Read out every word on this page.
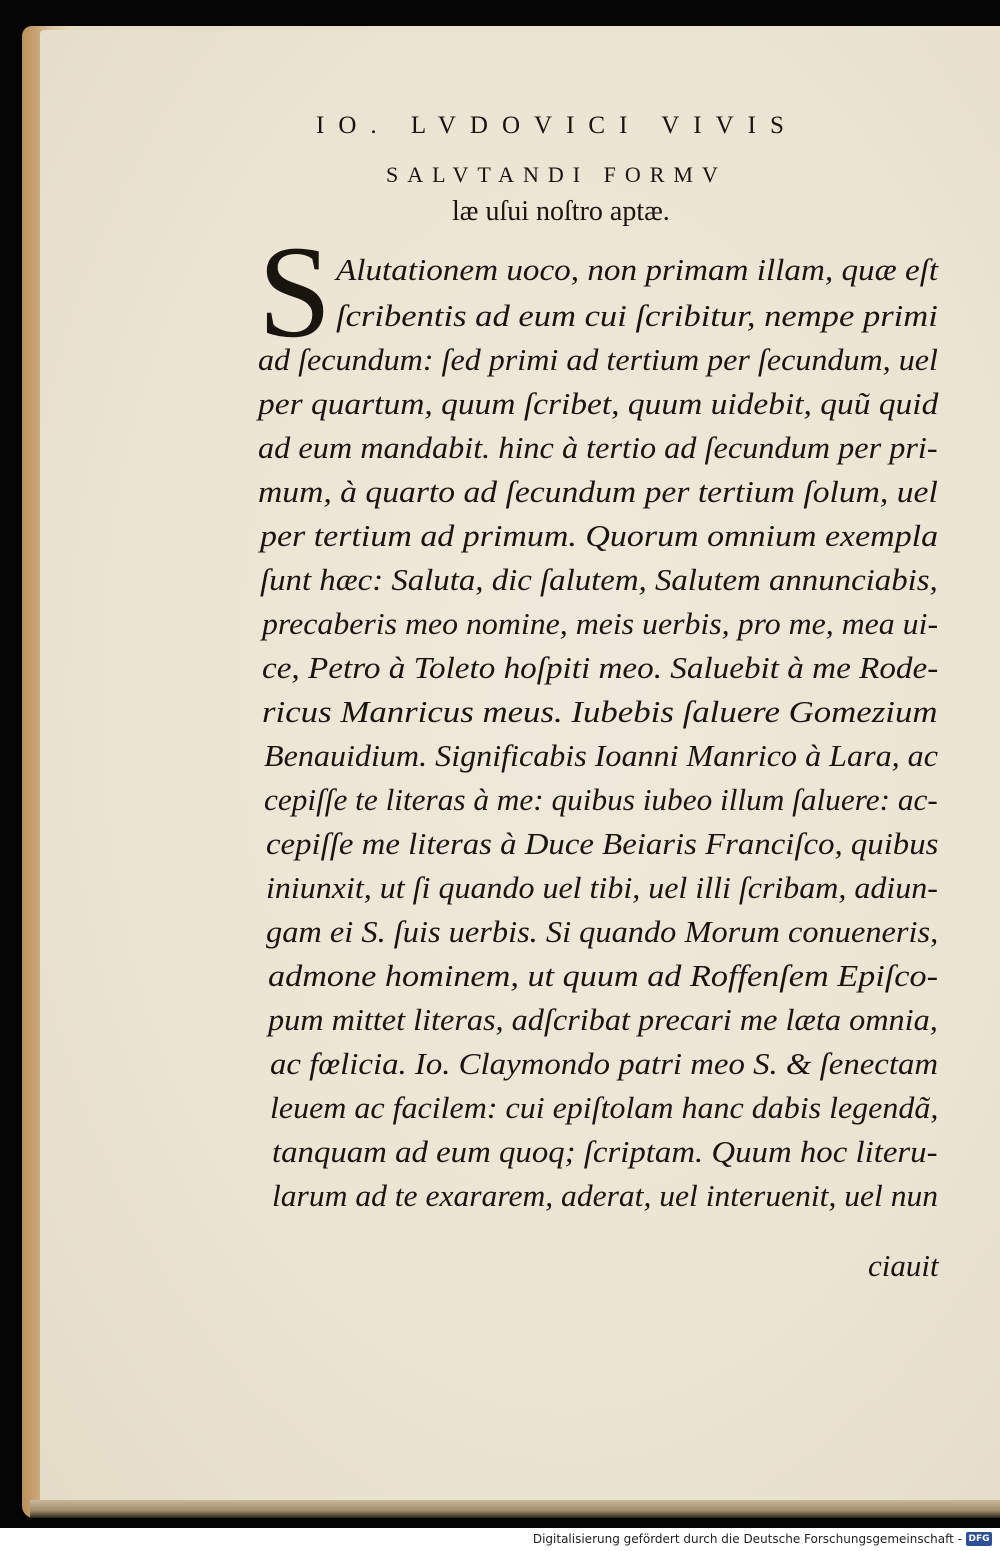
IO. LVDOVICI VIVIS

SALVTANDI FORMV

læ uſui noſtro aptæ.

S Alutationem uoco, non primam illam, quæ eſt

ſcribentis ad eum cui ſcribitur, nempe primi

ad ſecundum: ſed primi ad tertium per ſecundum, uel

per quartum, quum ſcribet, quum uidebit, quũ quid

ad eum mandabit. hinc à tertio ad ſecundum per pri-

mum, à quarto ad ſecundum per tertium ſolum, uel

per tertium ad primum. Quorum omnium exempla

ſunt hæc: Saluta, dic ſalutem, Salutem annunciabis,

precaberis meo nomine, meis uerbis, pro me, mea ui-

ce, Petro à Toleto hoſpiti meo. Saluebit à me Rode-

ricus Manricus meus. Iubebis ſaluere Gomezium

Benauidium. Significabis Ioanni Manrico à Lara, ac

cepiſſe te literas à me: quibus iubeo illum ſaluere: ac-

cepiſſe me literas à Duce Beiaris Franciſco, quibus

iniunxit, ut ſi quando uel tibi, uel illi ſcribam, adiun-

gam ei S. ſuis uerbis. Si quando Morum conueneris,

admone hominem, ut quum ad Roffenſem Epiſco-

pum mittet literas, adſcribat precari me læta omnia,

ac fœlicia. Io. Claymondo patri meo S. & ſenectam

leuem ac facilem: cui epiſtolam hanc dabis legendã,

tanquam ad eum quoq; ſcriptam. Quum hoc literu-

larum ad te exararem, aderat, uel interuenit, uel nun

ciauit

Digitalisierung gefördert durch die Deutsche Forschungsgemeinschaft - DFG
